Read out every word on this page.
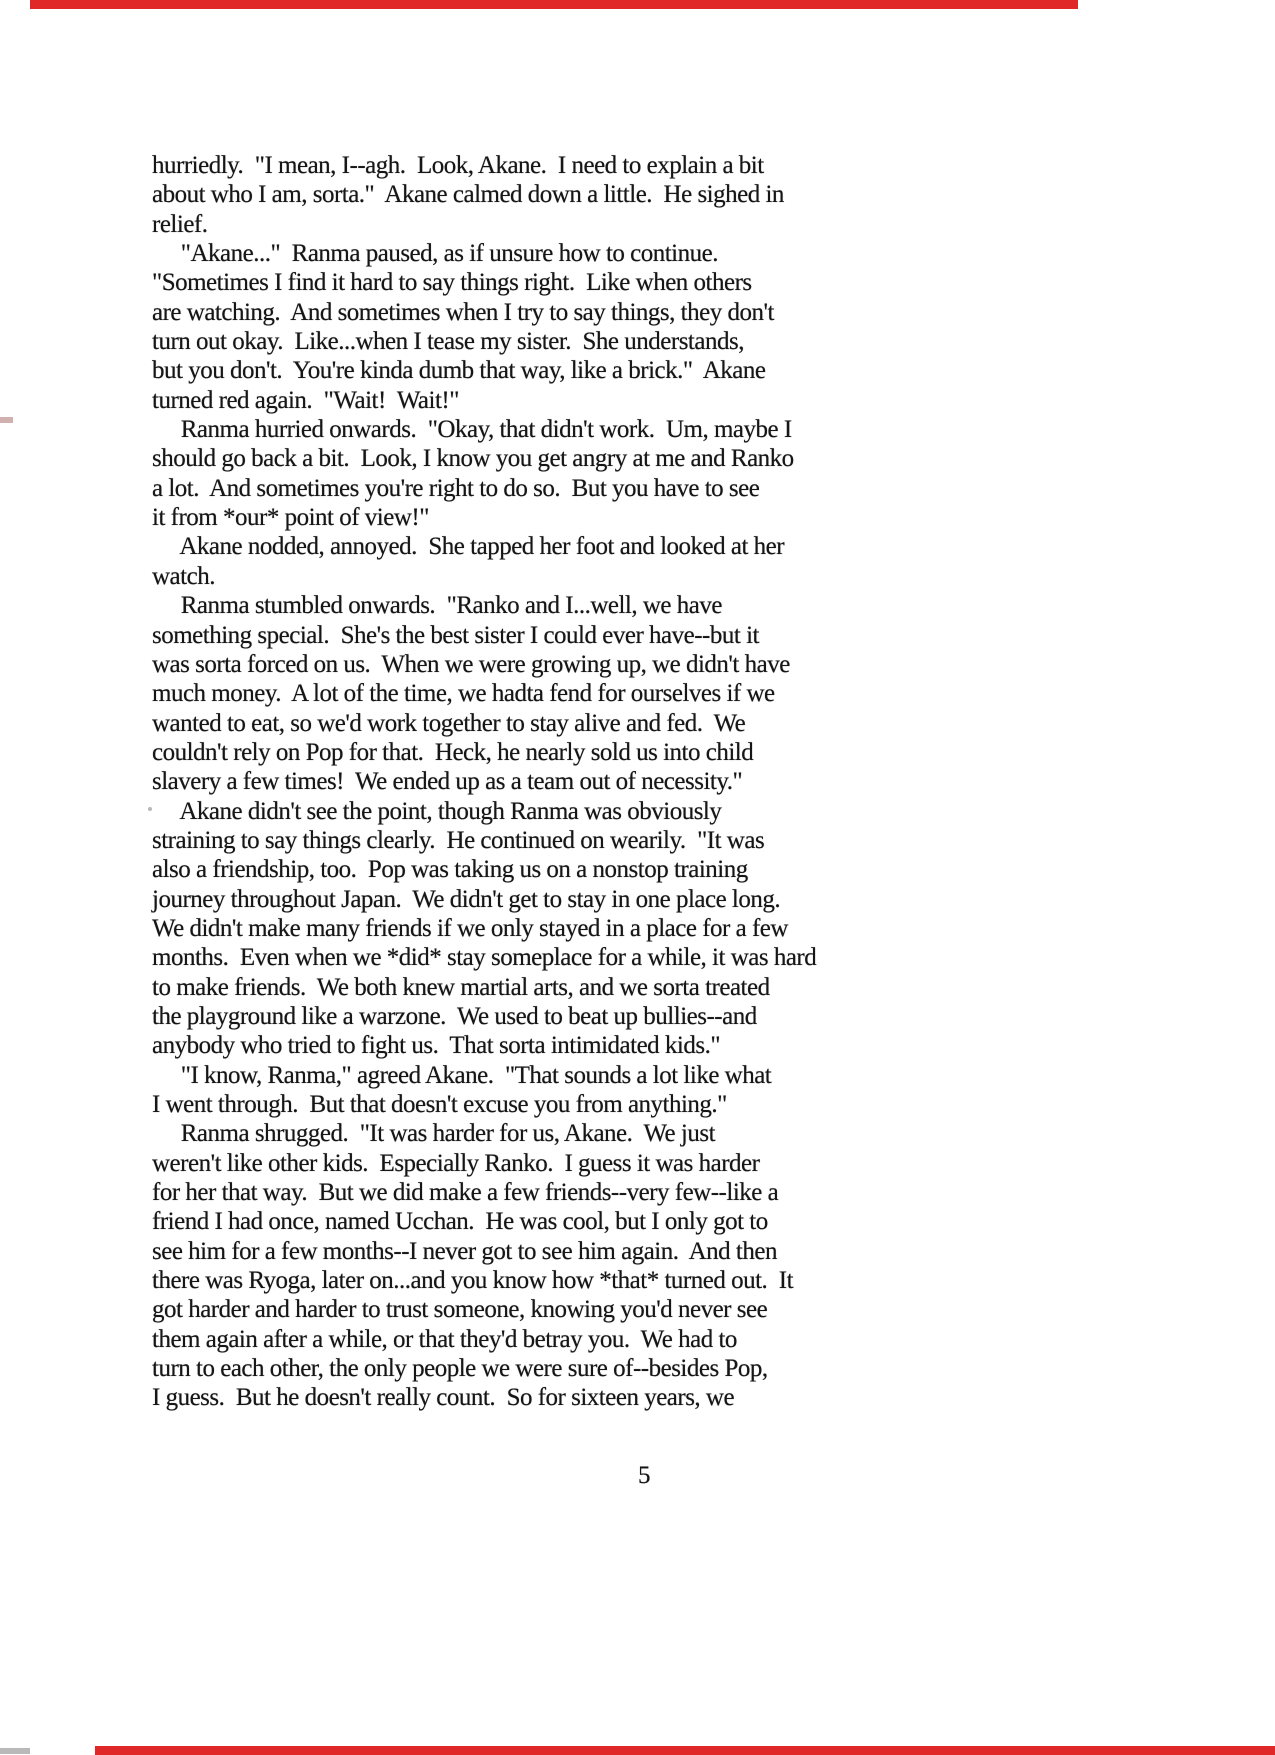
hurriedly.  "I mean, I--agh.  Look, Akane.  I need to explain a bit
about who I am, sorta."  Akane calmed down a little.  He sighed in
relief.
"Akane..."  Ranma paused, as if unsure how to continue.
"Sometimes I find it hard to say things right.  Like when others
are watching.  And sometimes when I try to say things, they don't
turn out okay.  Like...when I tease my sister.  She understands,
but you don't.  You're kinda dumb that way, like a brick."  Akane
turned red again.  "Wait!  Wait!"
Ranma hurried onwards.  "Okay, that didn't work.  Um, maybe I
should go back a bit.  Look, I know you get angry at me and Ranko
a lot.  And sometimes you're right to do so.  But you have to see
it from *our* point of view!"
Akane nodded, annoyed.  She tapped her foot and looked at her
watch.
Ranma stumbled onwards.  "Ranko and I...well, we have
something special.  She's the best sister I could ever have--but it
was sorta forced on us.  When we were growing up, we didn't have
much money.  A lot of the time, we hadta fend for ourselves if we
wanted to eat, so we'd work together to stay alive and fed.  We
couldn't rely on Pop for that.  Heck, he nearly sold us into child
slavery a few times!  We ended up as a team out of necessity."
Akane didn't see the point, though Ranma was obviously
straining to say things clearly.  He continued on wearily.  "It was
also a friendship, too.  Pop was taking us on a nonstop training
journey throughout Japan.  We didn't get to stay in one place long.
We didn't make many friends if we only stayed in a place for a few
months.  Even when we *did* stay someplace for a while, it was hard
to make friends.  We both knew martial arts, and we sorta treated
the playground like a warzone.  We used to beat up bullies--and
anybody who tried to fight us.  That sorta intimidated kids."
"I know, Ranma," agreed Akane.  "That sounds a lot like what
I went through.  But that doesn't excuse you from anything."
Ranma shrugged.  "It was harder for us, Akane.  We just
weren't like other kids.  Especially Ranko.  I guess it was harder
for her that way.  But we did make a few friends--very few--like a
friend I had once, named Ucchan.  He was cool, but I only got to
see him for a few months--I never got to see him again.  And then
there was Ryoga, later on...and you know how *that* turned out.  It
got harder and harder to trust someone, knowing you'd never see
them again after a while, or that they'd betray you.  We had to
turn to each other, the only people we were sure of--besides Pop,
I guess.  But he doesn't really count.  So for sixteen years, we
5
